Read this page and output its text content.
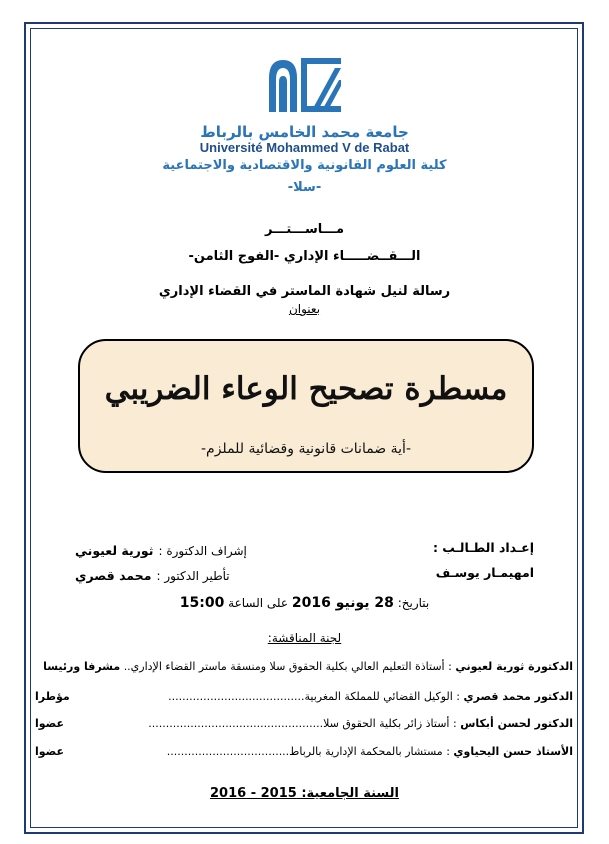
جامعة محمد الخامس بالرباط
Université Mohammed V de Rabat
كلية العلوم القانونية والاقتصادية والاجتماعية
-سلا-
مـــاســـتـــر
الـــقــضـــــاء الإداري -الفوج الثامن-
رسالة لنيل شهادة الماستر في القضاء الإداري
بعنوان
مسطرة تصحيح الوعاء الضريبي
-أية ضمانات قانونية وقضائية للملزم-
إعـداد الطـالـب :
امهيمـار يوسـف
إشراف الدكتورة : ثورية لعيوني
تأطير الدكتور : محمد قصري
بتاريخ: 28 يونيو 2016 على الساعة 15:00
لجنة المناقشة:
الدكتورة ثورية لعيوني : أستاذة التعليم العالي بكلية الحقوق سلا ومنسقة ماستر القضاء الإداري.. مشرفا ورئيسا
الدكتور محمد قصري : الوكيل القضائي للمملكة المغربية.......................................
مؤطرا
الدكتور لحسن أبكاس : أستاذ زائر بكلية الحقوق سلا..................................................
عضوا
الأستاذ حسن اليحياوي : مستشار بالمحكمة الإدارية بالرباط...................................
عضوا
السنة الجامعية: 2015 - 2016
